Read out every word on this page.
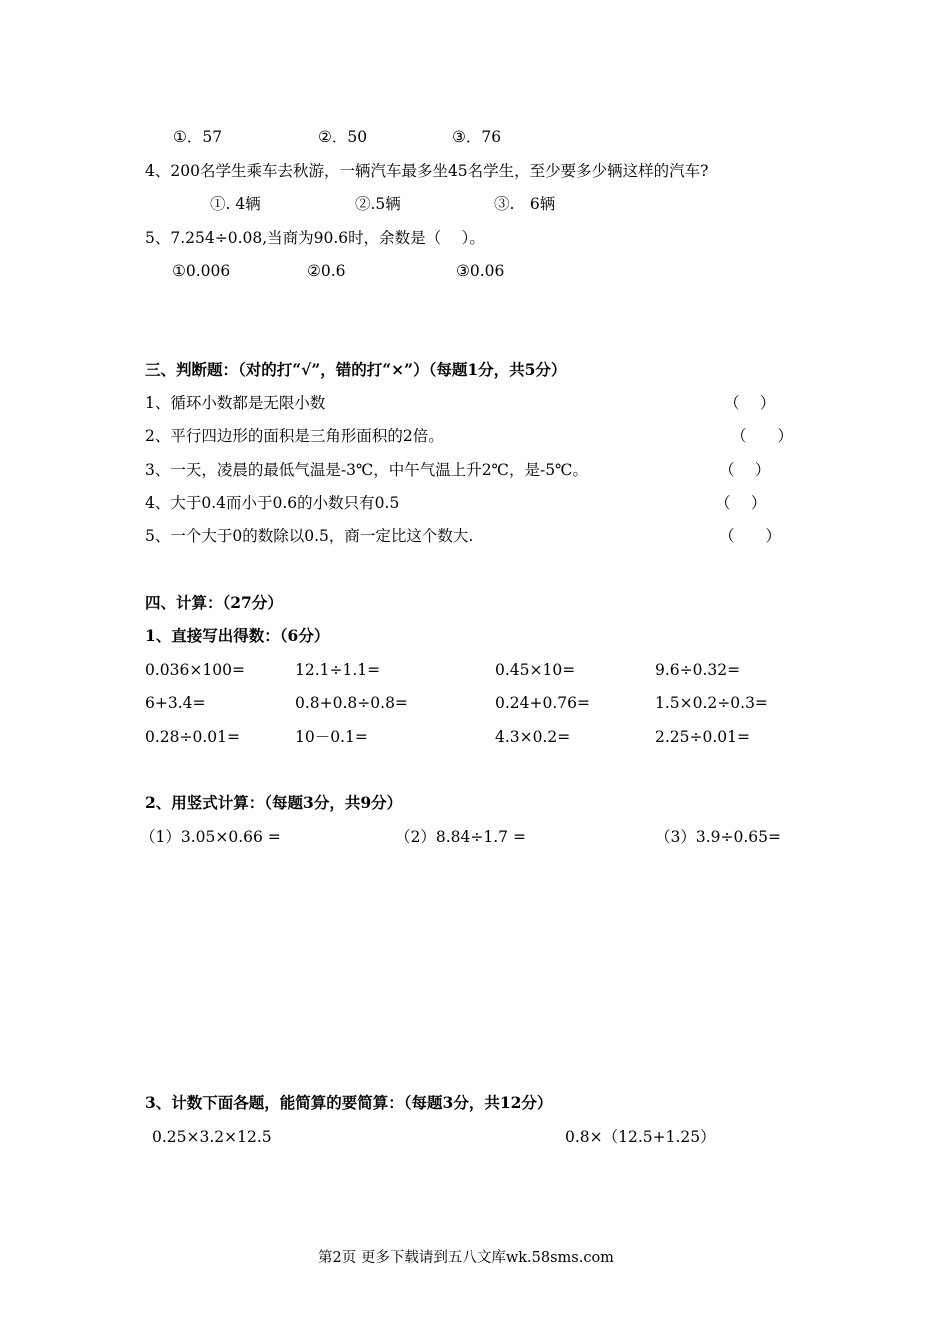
①．57	②．50	③．76
4、200名学生乘车去秋游，一辆汽车最多坐45名学生，至少要多少辆这样的汽车?
①. 4辆	②.5辆	③.　6辆
5、7.254÷0.08,当商为90.6时，余数是（　 ）。
①0.006	②0.6	③0.06
三、判断题：（对的打“√”，错的打“×”）（每题1分，共5分）
1、循环小数都是无限小数	（　 ）
2、平行四边形的面积是三角形面积的2倍。	（　　）
3、一天，凌晨的最低气温是-3℃，中午气温上升2℃，是-5℃。	（　 ）
4、大于0.4而小于0.6的小数只有0.5	（　 ）
5、一个大于0的数除以0.5，商一定比这个数大.	（　　）
四、计算：（27分）
1、直接写出得数：（6分）
0.036×100=	12.1÷1.1=	0.45×10=	9.6÷0.32=
6+3.4=	0.8+0.8÷0.8=	0.24+0.76=	1.5×0.2÷0.3=
0.28÷0.01=	10－0.1=	4.3×0.2=	2.25÷0.01=
2、用竖式计算：（每题3分，共9分）
（1）3.05×0.66 =	（2）8.84÷1.7 =	（3）3.9÷0.65=
3、计数下面各题，能简算的要简算：（每题3分，共12分）
0.25×3.2×12.5	0.8×（12.5+1.25）
第2页 更多下载请到五八文库wk.58sms.com
